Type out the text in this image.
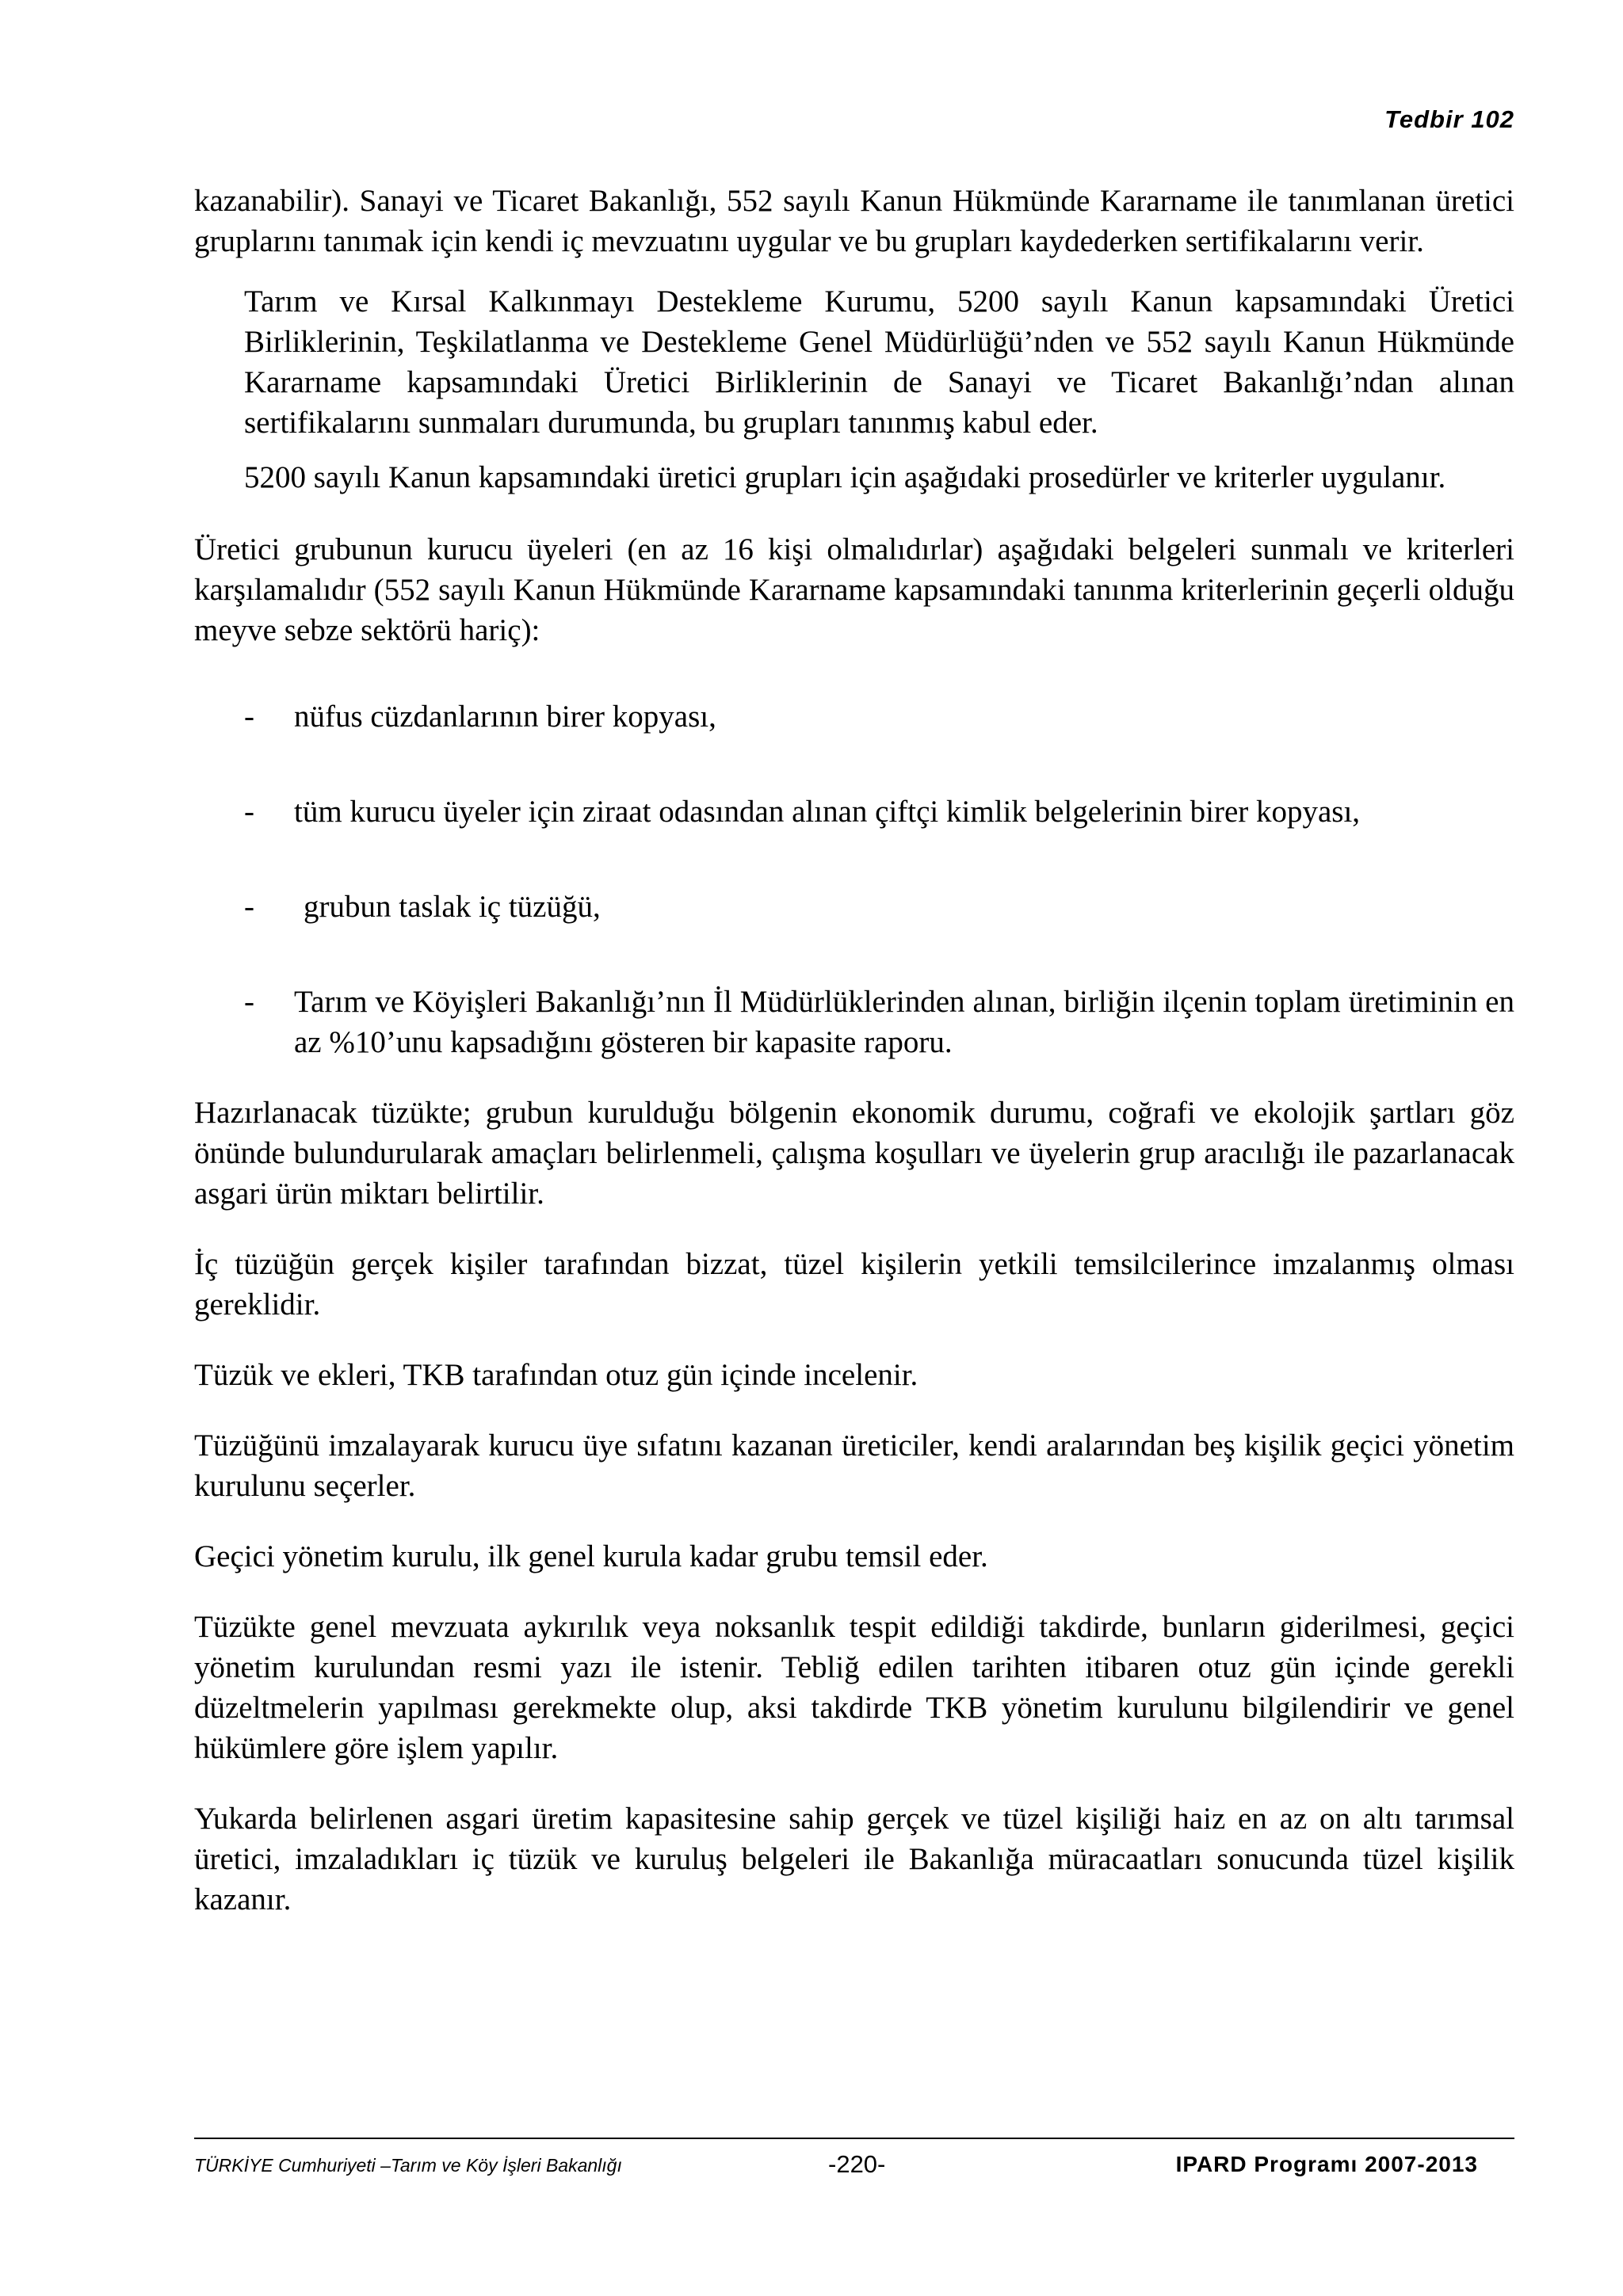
Tedbir 102

kazanabilir). Sanayi ve Ticaret Bakanlığı, 552 sayılı Kanun Hükmünde Kararname ile tanımlanan üretici gruplarını tanımak için kendi iç mevzuatını uygular ve bu grupları kaydederken sertifikalarını verir.

Tarım ve Kırsal Kalkınmayı Destekleme Kurumu, 5200 sayılı Kanun kapsamındaki Üretici Birliklerinin, Teşkilatlanma ve Destekleme Genel Müdürlüğü’nden ve 552 sayılı Kanun Hükmünde Kararname kapsamındaki Üretici Birliklerinin de Sanayi ve Ticaret Bakanlığı’ndan alınan sertifikalarını sunmaları durumunda, bu grupları tanınmış kabul eder.

5200 sayılı Kanun kapsamındaki üretici grupları için aşağıdaki prosedürler ve kriterler uygulanır.

Üretici grubunun kurucu üyeleri (en az 16 kişi olmalıdırlar) aşağıdaki belgeleri sunmalı ve kriterleri karşılamalıdır (552 sayılı Kanun Hükmünde Kararname kapsamındaki tanınma kriterlerinin geçerli olduğu meyve sebze sektörü hariç):

-	nüfus cüzdanlarının birer kopyası,
-	tüm kurucu üyeler için ziraat odasından alınan çiftçi kimlik belgelerinin birer kopyası,
-	grubun taslak iç tüzüğü,
-	Tarım ve Köyişleri Bakanlığı’nın İl Müdürlüklerinden alınan, birliğin ilçenin toplam üretiminin en az %10’unu kapsadığını gösteren bir kapasite raporu.

Hazırlanacak tüzükte; grubun kurulduğu bölgenin ekonomik durumu, coğrafi ve ekolojik şartları göz önünde bulundurularak amaçları belirlenmeli, çalışma koşulları ve üyelerin grup aracılığı ile pazarlanacak asgari ürün miktarı belirtilir.

İç tüzüğün gerçek kişiler tarafından bizzat, tüzel kişilerin yetkili temsilcilerince imzalanmış olması gereklidir.

Tüzük ve ekleri, TKB tarafından otuz gün içinde incelenir.

Tüzüğünü imzalayarak kurucu üye sıfatını kazanan üreticiler, kendi aralarından beş kişilik geçici yönetim kurulunu seçerler.

Geçici yönetim kurulu, ilk genel kurula kadar grubu temsil eder.

Tüzükte genel mevzuata aykırılık veya noksanlık tespit edildiği takdirde, bunların giderilmesi, geçici yönetim kurulundan resmi yazı ile istenir. Tebliğ edilen tarihten itibaren otuz gün içinde gerekli düzeltmelerin yapılması gerekmekte olup, aksi takdirde TKB yönetim kurulunu bilgilendirir ve genel hükümlere göre işlem yapılır.

Yukarda belirlenen asgari üretim kapasitesine sahip gerçek ve tüzel kişiliği haiz en az on altı tarımsal üretici, imzaladıkları iç tüzük ve kuruluş belgeleri ile Bakanlığa müracaatları sonucunda tüzel kişilik kazanır.

TÜRKİYE Cumhuriyeti –Tarım ve Köy İşleri Bakanlığı	-220-	IPARD Programı 2007-2013
